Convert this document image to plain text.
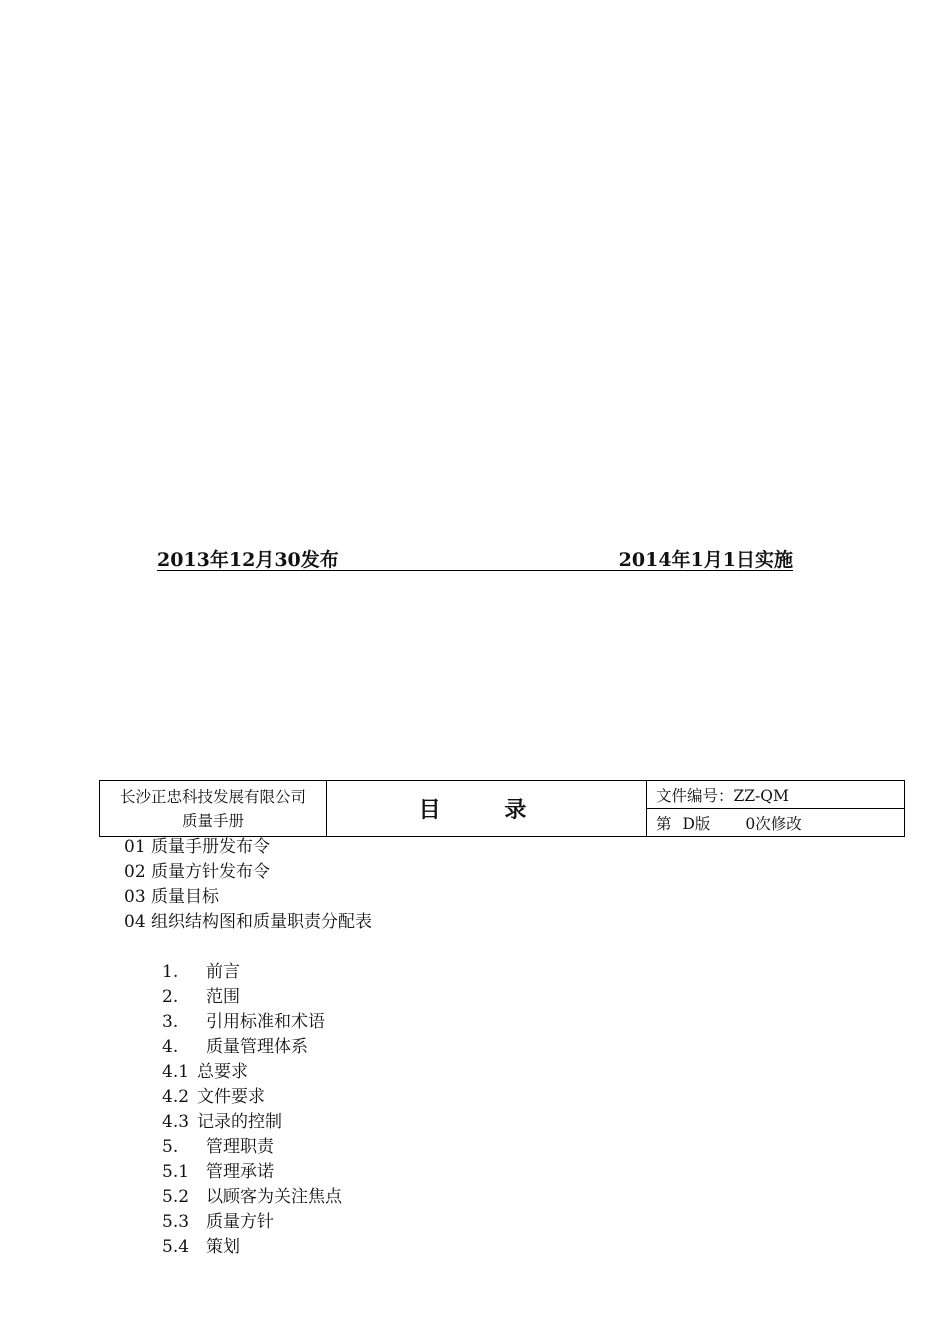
2013年12月30发布	2014年1月1日实施
长沙正忠科技发展有限公司
质量手册	目 录	文件编号：ZZ-QM
第 D版 0次修改
01 质量手册发布令
02 质量方针发布令
03 质量目标
04 组织结构图和质量职责分配表
1. 前言
2. 范围
3. 引用标准和术语
4. 质量管理体系
4.1 总要求
4.2 文件要求
4.3 记录的控制
5. 管理职责
5.1 管理承诺
5.2 以顾客为关注焦点
5.3 质量方针
5.4 策划
